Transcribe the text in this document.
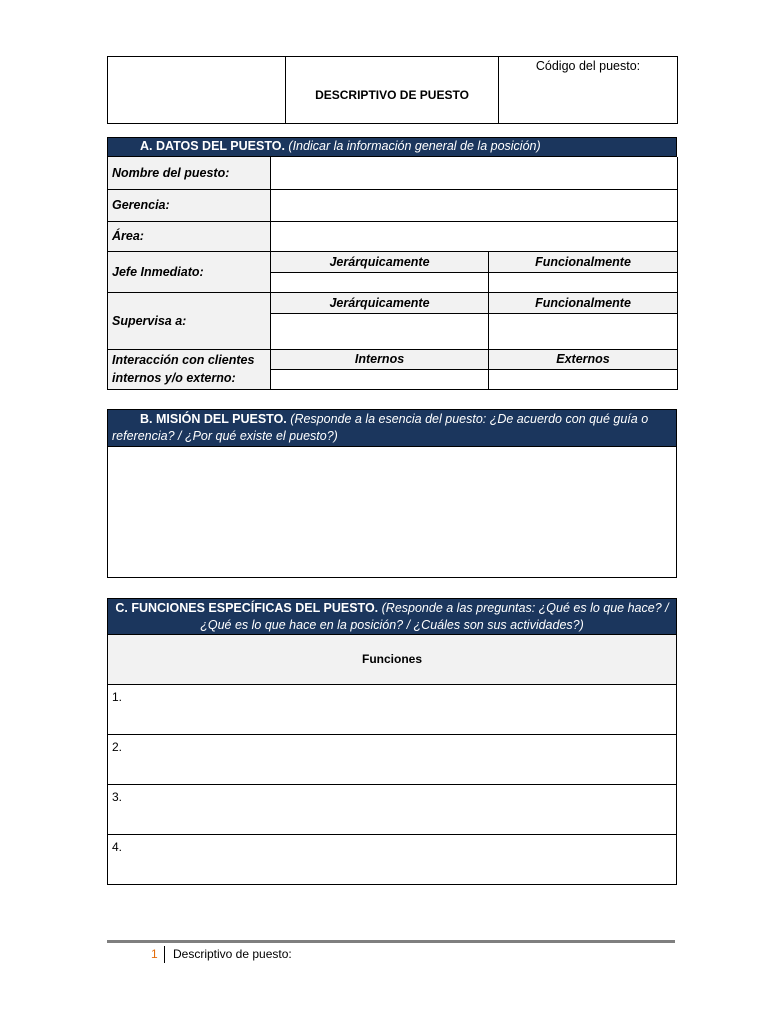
	DESCRIPTIVO DE PUESTO	Código del puesto:
A. DATOS DEL PUESTO. (Indicar la información general de la posición)
Nombre del puesto:		
Gerencia:		
Área:		
Jefe Inmediato:	Jerárquicamente	Funcionalmente

Supervisa a:	Jerárquicamente	Funcionalmente

Interacción con clientes internos y/o externo:	Internos	Externos

B. MISIÓN DEL PUESTO. (Responde a la esencia del puesto: ¿De acuerdo con qué guía o referencia? / ¿Por qué existe el puesto?)
C. FUNCIONES ESPECÍFICAS DEL PUESTO. (Responde a las preguntas: ¿Qué es lo que hace? / ¿Qué es lo que hace en la posición? / ¿Cuáles son sus actividades?)
Funciones
1.
2.
3.
4.
1 Descriptivo de puesto:
